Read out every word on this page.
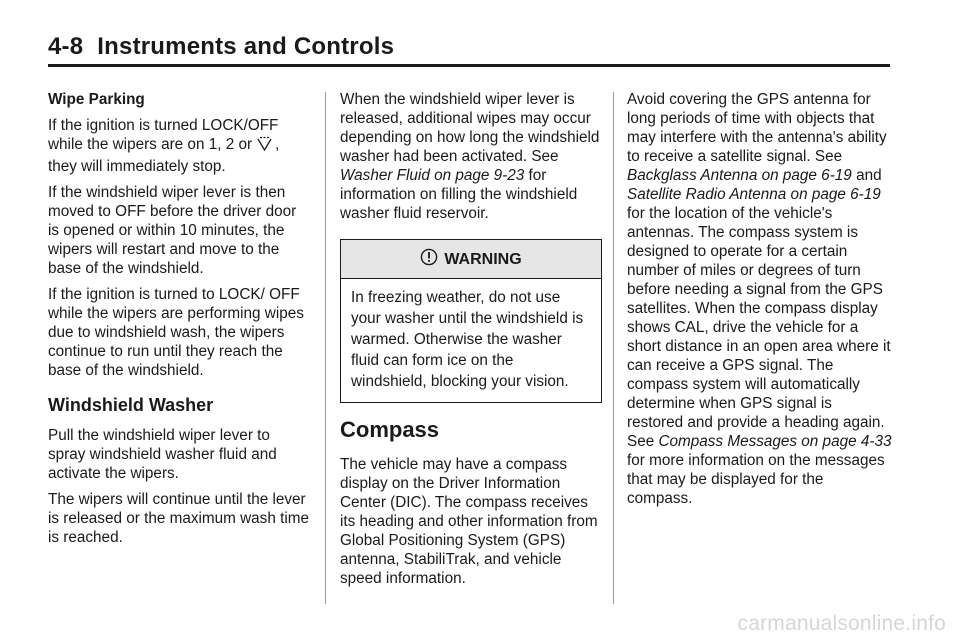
4-8 Instruments and Controls

Wipe Parking

If the ignition is turned LOCK/OFF while the wipers are on 1, 2 or , they will immediately stop.

If the windshield wiper lever is then moved to OFF before the driver door is opened or within 10 minutes, the wipers will restart and move to the base of the windshield.

If the ignition is turned to LOCK/ OFF while the wipers are performing wipes due to windshield wash, the wipers continue to run until they reach the base of the windshield.

Windshield Washer

Pull the windshield wiper lever to spray windshield washer fluid and activate the wipers.

The wipers will continue until the lever is released or the maximum wash time is reached.

When the windshield wiper lever is released, additional wipes may occur depending on how long the windshield washer had been activated. See Washer Fluid on page 9-23 for information on filling the windshield washer fluid reservoir.

WARNING
In freezing weather, do not use your washer until the windshield is warmed. Otherwise the washer fluid can form ice on the windshield, blocking your vision.
Compass

The vehicle may have a compass display on the Driver Information Center (DIC). The compass receives its heading and other information from Global Positioning System (GPS) antenna, StabiliTrak, and vehicle speed information.

Avoid covering the GPS antenna for long periods of time with objects that may interfere with the antenna's ability to receive a satellite signal. See Backglass Antenna on page 6-19 and Satellite Radio Antenna on page 6-19 for the location of the vehicle's antennas. The compass system is designed to operate for a certain number of miles or degrees of turn before needing a signal from the GPS satellites. When the compass display shows CAL, drive the vehicle for a short distance in an open area where it can receive a GPS signal. The compass system will automatically determine when GPS signal is restored and provide a heading again. See Compass Messages on page 4-33 for more information on the messages that may be displayed for the compass.

carmanualsonline.info
